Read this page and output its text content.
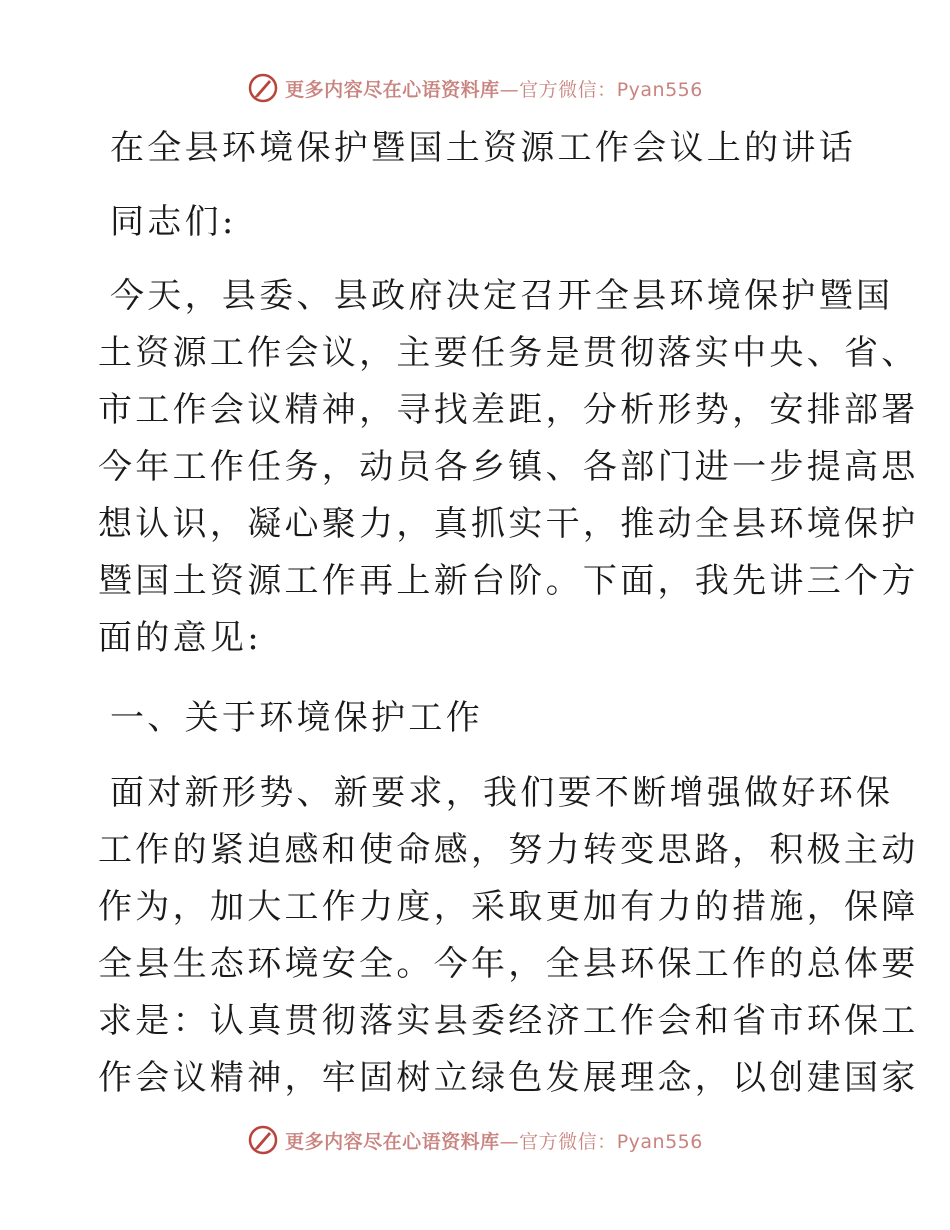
更多内容尽在心语资料库—官方微信：Pyan556
在全县环境保护暨国土资源工作会议上的讲话
同志们:
今天，县委、县政府决定召开全县环境保护暨国
土资源工作会议，主要任务是贯彻落实中央、省、
市工作会议精神，寻找差距，分析形势，安排部署
今年工作任务，动员各乡镇、各部门进一步提高思
想认识，凝心聚力，真抓实干，推动全县环境保护
暨国土资源工作再上新台阶。下面，我先讲三个方
面的意见:
一、关于环境保护工作
面对新形势、新要求，我们要不断增强做好环保
工作的紧迫感和使命感，努力转变思路，积极主动
作为，加大工作力度，采取更加有力的措施，保障
全县生态环境安全。今年，全县环保工作的总体要
求是：认真贯彻落实县委经济工作会和省市环保工
作会议精神，牢固树立绿色发展理念，以创建国家
更多内容尽在心语资料库—官方微信：Pyan556
